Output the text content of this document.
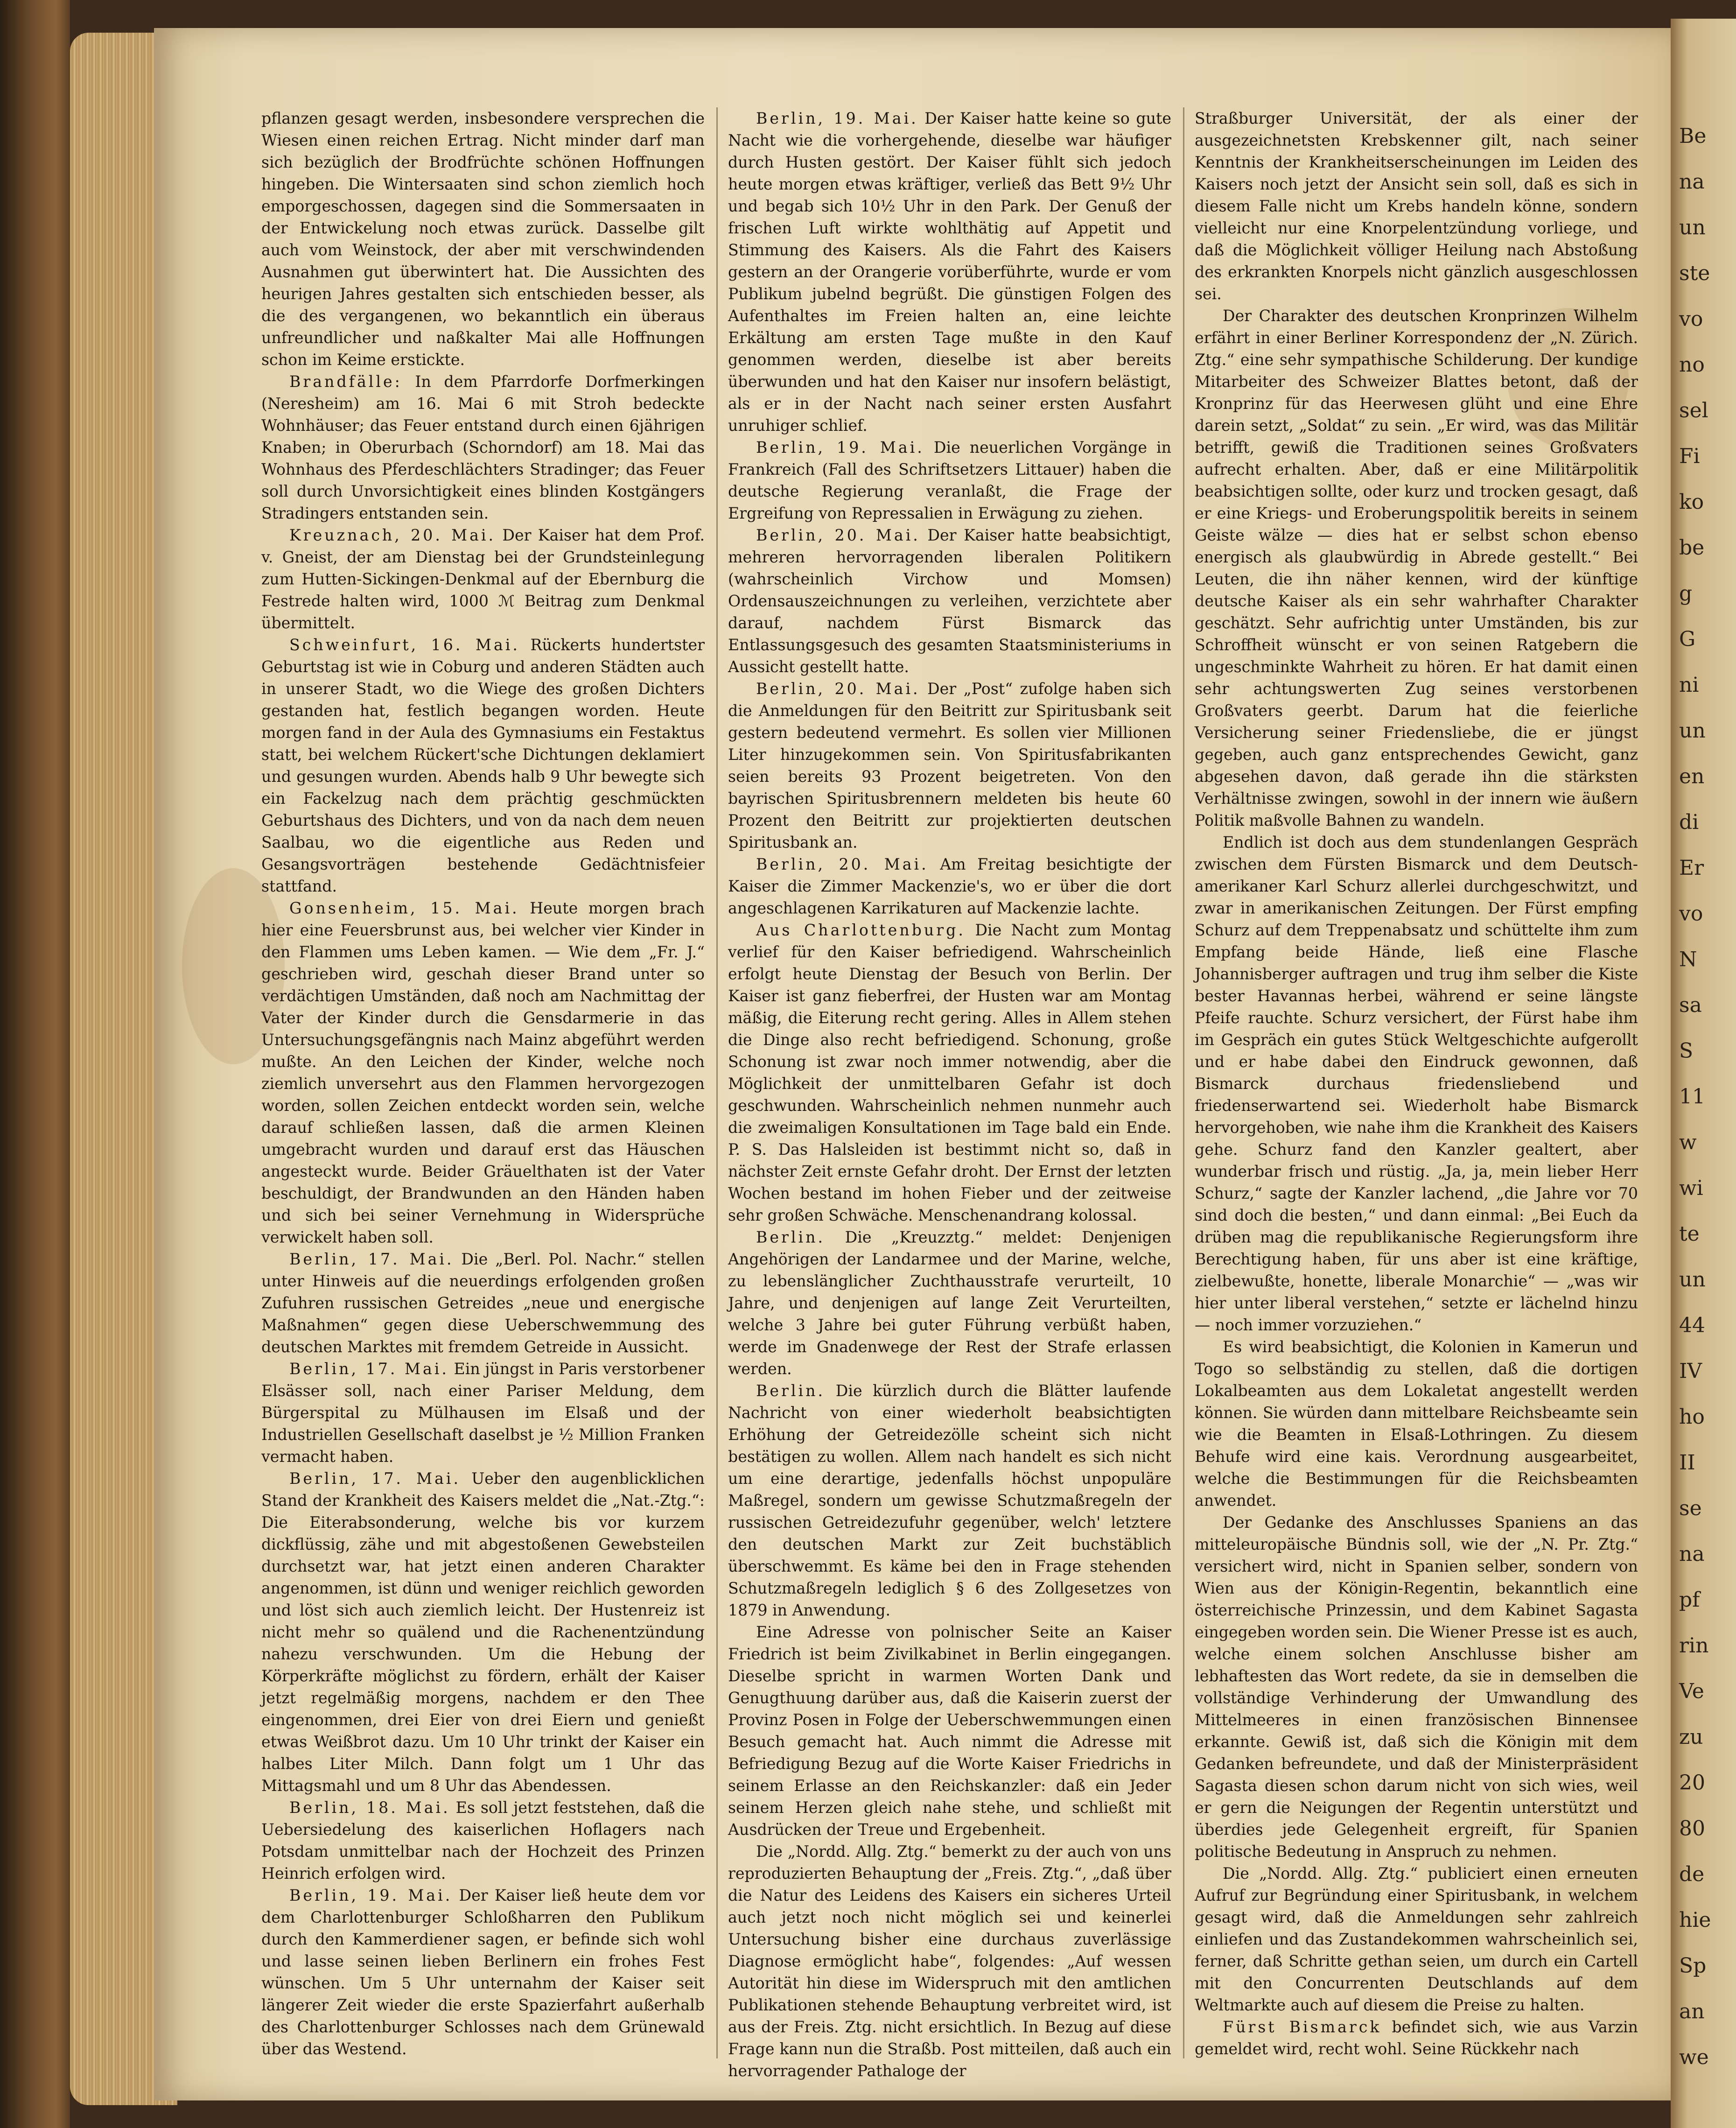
pflanzen gesagt werden, insbesondere versprechen die Wiesen einen reichen Ertrag. Nicht minder darf man sich bezüglich der Brodfrüchte schönen Hoffnungen hingeben. Die Wintersaaten sind schon ziemlich hoch emporgeschossen, dagegen sind die Sommersaaten in der Entwickelung noch etwas zurück. Dasselbe gilt auch vom Weinstock, der aber mit verschwindenden Ausnahmen gut überwintert hat. Die Aussichten des heurigen Jahres gestalten sich entschieden besser, als die des vergangenen, wo bekanntlich ein überaus unfreundlicher und naßkalter Mai alle Hoffnungen schon im Keime erstickte.

Brandfälle: In dem Pfarrdorfe Dorfmerkingen (Neresheim) am 16. Mai 6 mit Stroh bedeckte Wohnhäuser; das Feuer entstand durch einen 6jährigen Knaben; in Oberurbach (Schorndorf) am 18. Mai das Wohnhaus des Pferdeschlächters Stradinger; das Feuer soll durch Unvorsichtigkeit eines blinden Kostgängers Stradingers entstanden sein.

Kreuznach, 20. Mai. Der Kaiser hat dem Prof. v. Gneist, der am Dienstag bei der Grundsteinlegung zum Hutten-Sickingen-Denkmal auf der Ebernburg die Festrede halten wird, 1000 ℳ Beitrag zum Denkmal übermittelt.

Schweinfurt, 16. Mai. Rückerts hundertster Geburtstag ist wie in Coburg und anderen Städten auch in unserer Stadt, wo die Wiege des großen Dichters gestanden hat, festlich begangen worden. Heute morgen fand in der Aula des Gymnasiums ein Festaktus statt, bei welchem Rückert'sche Dichtungen deklamiert und gesungen wurden. Abends halb 9 Uhr bewegte sich ein Fackelzug nach dem prächtig geschmückten Geburtshaus des Dichters, und von da nach dem neuen Saalbau, wo die eigentliche aus Reden und Gesangsvorträgen bestehende Gedächtnisfeier stattfand.

Gonsenheim, 15. Mai. Heute morgen brach hier eine Feuersbrunst aus, bei welcher vier Kinder in den Flammen ums Leben kamen. — Wie dem „Fr. J.“ geschrieben wird, geschah dieser Brand unter so verdächtigen Umständen, daß noch am Nachmittag der Vater der Kinder durch die Gensdarmerie in das Untersuchungsgefängnis nach Mainz abgeführt werden mußte. An den Leichen der Kinder, welche noch ziemlich unversehrt aus den Flammen hervorgezogen worden, sollen Zeichen entdeckt worden sein, welche darauf schließen lassen, daß die armen Kleinen umgebracht wurden und darauf erst das Häuschen angesteckt wurde. Beider Gräuelthaten ist der Vater beschuldigt, der Brandwunden an den Händen haben und sich bei seiner Vernehmung in Widersprüche verwickelt haben soll.

Berlin, 17. Mai. Die „Berl. Pol. Nachr.“ stellen unter Hinweis auf die neuerdings erfolgenden großen Zufuhren russischen Getreides „neue und energische Maßnahmen“ gegen diese Ueberschwemmung des deutschen Marktes mit fremdem Getreide in Aussicht.

Berlin, 17. Mai. Ein jüngst in Paris verstorbener Elsässer soll, nach einer Pariser Meldung, dem Bürgerspital zu Mülhausen im Elsaß und der Industriellen Gesellschaft daselbst je ½ Million Franken vermacht haben.

Berlin, 17. Mai. Ueber den augenblicklichen Stand der Krankheit des Kaisers meldet die „Nat.-Ztg.“: Die Eiterabsonderung, welche bis vor kurzem dickflüssig, zähe und mit abgestoßenen Gewebsteilen durchsetzt war, hat jetzt einen anderen Charakter angenommen, ist dünn und weniger reichlich geworden und löst sich auch ziemlich leicht. Der Hustenreiz ist nicht mehr so quälend und die Rachenentzündung nahezu verschwunden. Um die Hebung der Körperkräfte möglichst zu fördern, erhält der Kaiser jetzt regelmäßig morgens, nachdem er den Thee eingenommen, drei Eier von drei Eiern und genießt etwas Weißbrot dazu. Um 10 Uhr trinkt der Kaiser ein halbes Liter Milch. Dann folgt um 1 Uhr das Mittagsmahl und um 8 Uhr das Abendessen.

Berlin, 18. Mai. Es soll jetzt feststehen, daß die Uebersiedelung des kaiserlichen Hoflagers nach Potsdam unmittelbar nach der Hochzeit des Prinzen Heinrich erfolgen wird.

Berlin, 19. Mai. Der Kaiser ließ heute dem vor dem Charlottenburger Schloßharren den Publikum durch den Kammerdiener sagen, er befinde sich wohl und lasse seinen lieben Berlinern ein frohes Fest wünschen. Um 5 Uhr unternahm der Kaiser seit längerer Zeit wieder die erste Spazierfahrt außerhalb des Charlottenburger Schlosses nach dem Grünewald über das Westend.

Berlin, 19. Mai. Der Kaiser hatte keine so gute Nacht wie die vorhergehende, dieselbe war häufiger durch Husten gestört. Der Kaiser fühlt sich jedoch heute morgen etwas kräftiger, verließ das Bett 9½ Uhr und begab sich 10½ Uhr in den Park. Der Genuß der frischen Luft wirkte wohlthätig auf Appetit und Stimmung des Kaisers. Als die Fahrt des Kaisers gestern an der Orangerie vorüberführte, wurde er vom Publikum jubelnd begrüßt. Die günstigen Folgen des Aufenthaltes im Freien halten an, eine leichte Erkältung am ersten Tage mußte in den Kauf genommen werden, dieselbe ist aber bereits überwunden und hat den Kaiser nur insofern belästigt, als er in der Nacht nach seiner ersten Ausfahrt unruhiger schlief.

Berlin, 19. Mai. Die neuerlichen Vorgänge in Frankreich (Fall des Schriftsetzers Littauer) haben die deutsche Regierung veranlaßt, die Frage der Ergreifung von Repressalien in Erwägung zu ziehen.

Berlin, 20. Mai. Der Kaiser hatte beabsichtigt, mehreren hervorragenden liberalen Politikern (wahrscheinlich Virchow und Momsen) Ordensauszeichnungen zu verleihen, verzichtete aber darauf, nachdem Fürst Bismarck das Entlassungsgesuch des gesamten Staatsministeriums in Aussicht gestellt hatte.

Berlin, 20. Mai. Der „Post“ zufolge haben sich die Anmeldungen für den Beitritt zur Spiritusbank seit gestern bedeutend vermehrt. Es sollen vier Millionen Liter hinzugekommen sein. Von Spiritusfabrikanten seien bereits 93 Prozent beigetreten. Von den bayrischen Spiritusbrennern meldeten bis heute 60 Prozent den Beitritt zur projektierten deutschen Spiritusbank an.

Berlin, 20. Mai. Am Freitag besichtigte der Kaiser die Zimmer Mackenzie's, wo er über die dort angeschlagenen Karrikaturen auf Mackenzie lachte.

Aus Charlottenburg. Die Nacht zum Montag verlief für den Kaiser befriedigend. Wahrscheinlich erfolgt heute Dienstag der Besuch von Berlin. Der Kaiser ist ganz fieberfrei, der Husten war am Montag mäßig, die Eiterung recht gering. Alles in Allem stehen die Dinge also recht befriedigend. Schonung, große Schonung ist zwar noch immer notwendig, aber die Möglichkeit der unmittelbaren Gefahr ist doch geschwunden. Wahrscheinlich nehmen nunmehr auch die zweimaligen Konsultationen im Tage bald ein Ende. P. S. Das Halsleiden ist bestimmt nicht so, daß in nächster Zeit ernste Gefahr droht. Der Ernst der letzten Wochen bestand im hohen Fieber und der zeitweise sehr großen Schwäche. Menschenandrang kolossal.

Berlin. Die „Kreuzztg.“ meldet: Denjenigen Angehörigen der Landarmee und der Marine, welche, zu lebenslänglicher Zuchthausstrafe verurteilt, 10 Jahre, und denjenigen auf lange Zeit Verurteilten, welche 3 Jahre bei guter Führung verbüßt haben, werde im Gnadenwege der Rest der Strafe erlassen werden.

Berlin. Die kürzlich durch die Blätter laufende Nachricht von einer wiederholt beabsichtigten Erhöhung der Getreidezölle scheint sich nicht bestätigen zu wollen. Allem nach handelt es sich nicht um eine derartige, jedenfalls höchst unpopuläre Maßregel, sondern um gewisse Schutzmaßregeln der russischen Getreidezufuhr gegenüber, welch' letztere den deutschen Markt zur Zeit buchstäblich überschwemmt. Es käme bei den in Frage stehenden Schutzmaßregeln lediglich § 6 des Zollgesetzes von 1879 in Anwendung.

Eine Adresse von polnischer Seite an Kaiser Friedrich ist beim Zivilkabinet in Berlin eingegangen. Dieselbe spricht in warmen Worten Dank und Genugthuung darüber aus, daß die Kaiserin zuerst der Provinz Posen in Folge der Ueberschwemmungen einen Besuch gemacht hat. Auch nimmt die Adresse mit Befriedigung Bezug auf die Worte Kaiser Friedrichs in seinem Erlasse an den Reichskanzler: daß ein Jeder seinem Herzen gleich nahe stehe, und schließt mit Ausdrücken der Treue und Ergebenheit.

Die „Nordd. Allg. Ztg.“ bemerkt zu der auch von uns reproduzierten Behauptung der „Freis. Ztg.“, „daß über die Natur des Leidens des Kaisers ein sicheres Urteil auch jetzt noch nicht möglich sei und keinerlei Untersuchung bisher eine durchaus zuverlässige Diagnose ermöglicht habe“, folgendes: „Auf wessen Autorität hin diese im Widerspruch mit den amtlichen Publikationen stehende Behauptung verbreitet wird, ist aus der Freis. Ztg. nicht ersichtlich. In Bezug auf diese Frage kann nun die Straßb. Post mitteilen, daß auch ein hervorragender Pathaloge der

Straßburger Universität, der als einer der ausgezeichnetsten Krebskenner gilt, nach seiner Kenntnis der Krankheitserscheinungen im Leiden des Kaisers noch jetzt der Ansicht sein soll, daß es sich in diesem Falle nicht um Krebs handeln könne, sondern vielleicht nur eine Knorpelentzündung vorliege, und daß die Möglichkeit völliger Heilung nach Abstoßung des erkrankten Knorpels nicht gänzlich ausgeschlossen sei.

Der Charakter des deutschen Kronprinzen Wilhelm erfährt in einer Berliner Korrespondenz der „N. Zürich. Ztg.“ eine sehr sympathische Schilderung. Der kundige Mitarbeiter des Schweizer Blattes betont, daß der Kronprinz für das Heerwesen glüht und eine Ehre darein setzt, „Soldat“ zu sein. „Er wird, was das Militär betrifft, gewiß die Traditionen seines Großvaters aufrecht erhalten. Aber, daß er eine Militärpolitik beabsichtigen sollte, oder kurz und trocken gesagt, daß er eine Kriegs- und Eroberungspolitik bereits in seinem Geiste wälze — dies hat er selbst schon ebenso energisch als glaubwürdig in Abrede gestellt.“ Bei Leuten, die ihn näher kennen, wird der künftige deutsche Kaiser als ein sehr wahrhafter Charakter geschätzt. Sehr aufrichtig unter Umständen, bis zur Schroffheit wünscht er von seinen Ratgebern die ungeschminkte Wahrheit zu hören. Er hat damit einen sehr achtungswerten Zug seines verstorbenen Großvaters geerbt. Darum hat die feierliche Versicherung seiner Friedensliebe, die er jüngst gegeben, auch ganz entsprechendes Gewicht, ganz abgesehen davon, daß gerade ihn die stärksten Verhältnisse zwingen, sowohl in der innern wie äußern Politik maßvolle Bahnen zu wandeln.

Endlich ist doch aus dem stundenlangen Gespräch zwischen dem Fürsten Bismarck und dem Deutsch-amerikaner Karl Schurz allerlei durchgeschwitzt, und zwar in amerikanischen Zeitungen. Der Fürst empfing Schurz auf dem Treppenabsatz und schüttelte ihm zum Empfang beide Hände, ließ eine Flasche Johannisberger auftragen und trug ihm selber die Kiste bester Havannas herbei, während er seine längste Pfeife rauchte. Schurz versichert, der Fürst habe ihm im Gespräch ein gutes Stück Weltgeschichte aufgerollt und er habe dabei den Eindruck gewonnen, daß Bismarck durchaus friedensliebend und friedenserwartend sei. Wiederholt habe Bismarck hervorgehoben, wie nahe ihm die Krankheit des Kaisers gehe. Schurz fand den Kanzler gealtert, aber wunderbar frisch und rüstig. „Ja, ja, mein lieber Herr Schurz,“ sagte der Kanzler lachend, „die Jahre vor 70 sind doch die besten,“ und dann einmal: „Bei Euch da drüben mag die republikanische Regierungsform ihre Berechtigung haben, für uns aber ist eine kräftige, zielbewußte, honette, liberale Monarchie“ — „was wir hier unter liberal verstehen,“ setzte er lächelnd hinzu — noch immer vorzuziehen.“

Es wird beabsichtigt, die Kolonien in Kamerun und Togo so selbständig zu stellen, daß die dortigen Lokalbeamten aus dem Lokaletat angestellt werden können. Sie würden dann mittelbare Reichsbeamte sein wie die Beamten in Elsaß-Lothringen. Zu diesem Behufe wird eine kais. Verordnung ausgearbeitet, welche die Bestimmungen für die Reichsbeamten anwendet.

Der Gedanke des Anschlusses Spaniens an das mitteleuropäische Bündnis soll, wie der „N. Pr. Ztg.“ versichert wird, nicht in Spanien selber, sondern von Wien aus der Königin-Regentin, bekanntlich eine österreichische Prinzessin, und dem Kabinet Sagasta eingegeben worden sein. Die Wiener Presse ist es auch, welche einem solchen Anschlusse bisher am lebhaftesten das Wort redete, da sie in demselben die vollständige Verhinderung der Umwandlung des Mittelmeeres in einen französischen Binnensee erkannte. Gewiß ist, daß sich die Königin mit dem Gedanken befreundete, und daß der Ministerpräsident Sagasta diesen schon darum nicht von sich wies, weil er gern die Neigungen der Regentin unterstützt und überdies jede Gelegenheit ergreift, für Spanien politische Bedeutung in Anspruch zu nehmen.

Die „Nordd. Allg. Ztg.“ publiciert einen erneuten Aufruf zur Begründung einer Spiritusbank, in welchem gesagt wird, daß die Anmeldungen sehr zahlreich einliefen und das Zustandekommen wahrscheinlich sei, ferner, daß Schritte gethan seien, um durch ein Cartell mit den Concurrenten Deutschlands auf dem Weltmarkte auch auf diesem die Preise zu halten.

Fürst Bismarck befindet sich, wie aus Varzin gemeldet wird, recht wohl. Seine Rückkehr nach

Be
na
un
ste
vo
no
sel
Fi
ko
be
g
G
ni
un
en
di
Er
vo
N
sa
S
11
w
wi
te
un
44
IV
ho
II
se
na
pf
rin
Ve
zu
20
80
de
hie
Sp
an
we
